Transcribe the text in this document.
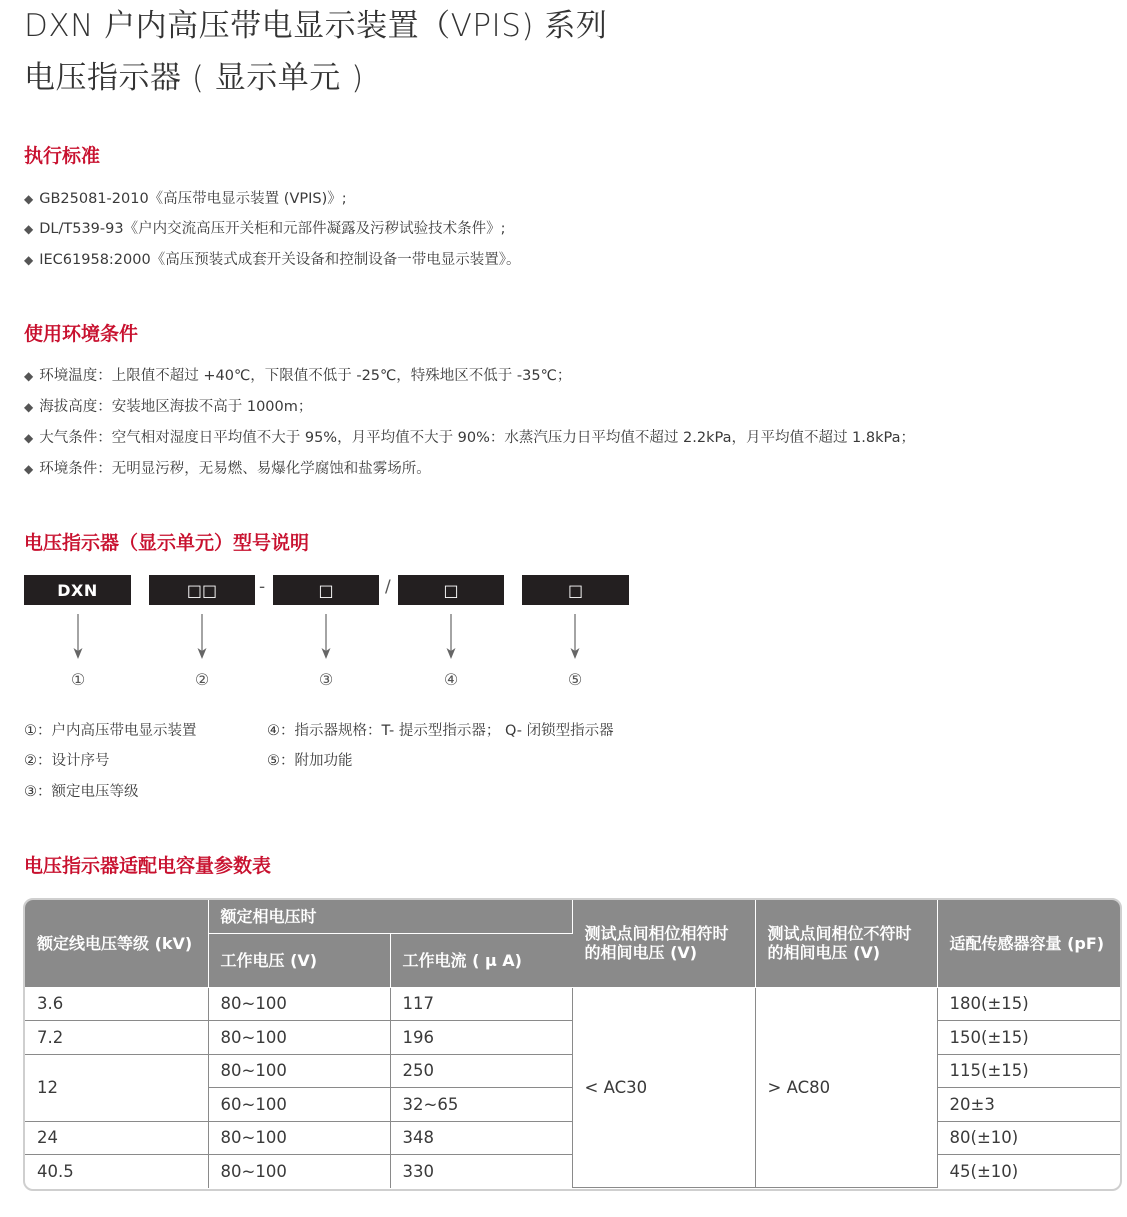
DXN 户内高压带电显示装置（VPIS) 系列
电压指示器 ( 显示单元 )
执行标准
◆ GB25081-2010《高压带电显示装置 (VPIS)》;
◆ DL/T539-93《户内交流高压开关柜和元部件凝露及污秽试验技术条件》;
◆ IEC61958:2000《高压预装式成套开关设备和控制设备一带电显示装置》。
使用环境条件
◆ 环境温度：上限值不超过 +40℃，下限值不低于 -25℃，特殊地区不低于 -35℃；
◆ 海拔高度：安装地区海拔不高于 1000m；
◆ 大气条件：空气相对湿度日平均值不大于 95%，月平均值不大于 90%：水蒸汽压力日平均值不超过 2.2kPa，月平均值不超过 1.8kPa；
◆ 环境条件：无明显污秽，无易燃、易爆化学腐蚀和盐雾场所。
电压指示器（显示单元）型号说明
DXN	□□	-	□	/	□	□
①	②	③	④	⑤
①：户内高压带电显示装置
②：设计序号
③：额定电压等级
④：指示器规格：T- 提示型指示器； Q- 闭锁型指示器
⑤：附加功能
电压指示器适配电容量参数表
额定线电压等级 (kV)	额定相电压时		测试点间相位相符时的相间电压 (V)	测试点间相位不符时的相间电压 (V)	适配传感器容量 (pF)
	工作电压 (V)	工作电流 ( μ A)			
3.6	80~100	117	< AC30	> AC80	180(±15)
7.2	80~100	196			150(±15)
12	80~100	250			115(±15)
	60~100	32~65			20±3
24	80~100	348			80(±10)
40.5	80~100	330			45(±10)
